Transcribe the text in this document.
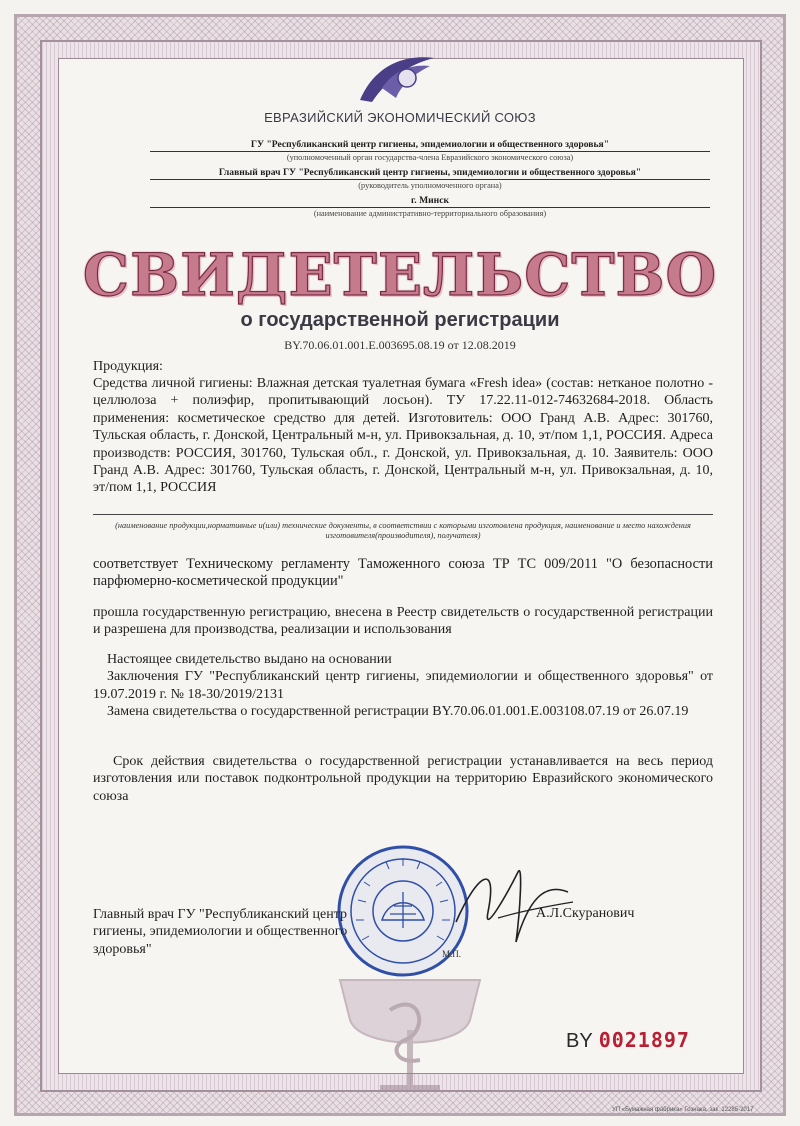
ЕВРАЗИЙСКИЙ ЭКОНОМИЧЕСКИЙ СОЮЗ
ГУ "Республиканский центр гигиены, эпидемиологии и общественного здоровья"
(уполномоченный орган государства-члена Евразийского экономического союза)
Главный врач ГУ "Республиканский центр гигиены, эпидемиологии и общественного здоровья"
(руководитель уполномоченного органа)
г. Минск
(наименование административно-территориального образования)
СВИДЕТЕЛЬСТВО
о государственной регистрации
BY.70.06.01.001.E.003695.08.19 от 12.08.2019
Продукция:
Средства личной гигиены: Влажная детская туалетная бумага «Fresh idea» (состав: нетканое полотно - целлюлоза + полиэфир, пропитывающий лосьон). ТУ 17.22.11-012-74632684-2018. Область применения: косметическое средство для детей. Изготовитель: ООО Гранд А.В. Адрес: 301760, Тульская область, г. Донской, Центральный м-н, ул. Привокзальная, д. 10, эт/пом 1,1, РОССИЯ. Адреса производств: РОССИЯ, 301760, Тульская обл., г. Донской, ул. Привокзальная, д. 10. Заявитель: ООО Гранд А.В. Адрес: 301760, Тульская область, г. Донской, Центральный м-н, ул. Привокзальная, д. 10, эт/пом 1,1, РОССИЯ
(наименование продукции,нормативные и(или) технические документы, в соответствии с которыми изготовлена продукция, наименование и место нахождения изготовителя(производителя), получателя)
соответствует Техническому регламенту Таможенного союза ТР ТС 009/2011 "О безопасности парфюмерно-косметической продукции"
прошла государственную регистрацию, внесена в Реестр свидетельств о государственной регистрации и разрешена для производства, реализации и использования

Настоящее свидетельство выдано на основании

Заключения ГУ "Республиканский центр гигиены, эпидемиологии и общественного здоровья" от 19.07.2019 г. № 18-30/2019/2131

Замена свидетельства о государственной регистрации BY.70.06.01.001.E.003108.07.19 от 26.07.19

Срок действия свидетельства о государственной регистрации устанавливается на весь период изготовления или поставок подконтрольной продукции на территорию Евразийского экономического союза
Главный врач ГУ "Республиканский центр гигиены, эпидемиологии и общественного здоровья"
А.Л.Скуранович
М.П.
BY 0021897
УП «Бумажная фабрика» Гознака, зак. 12285-2017
